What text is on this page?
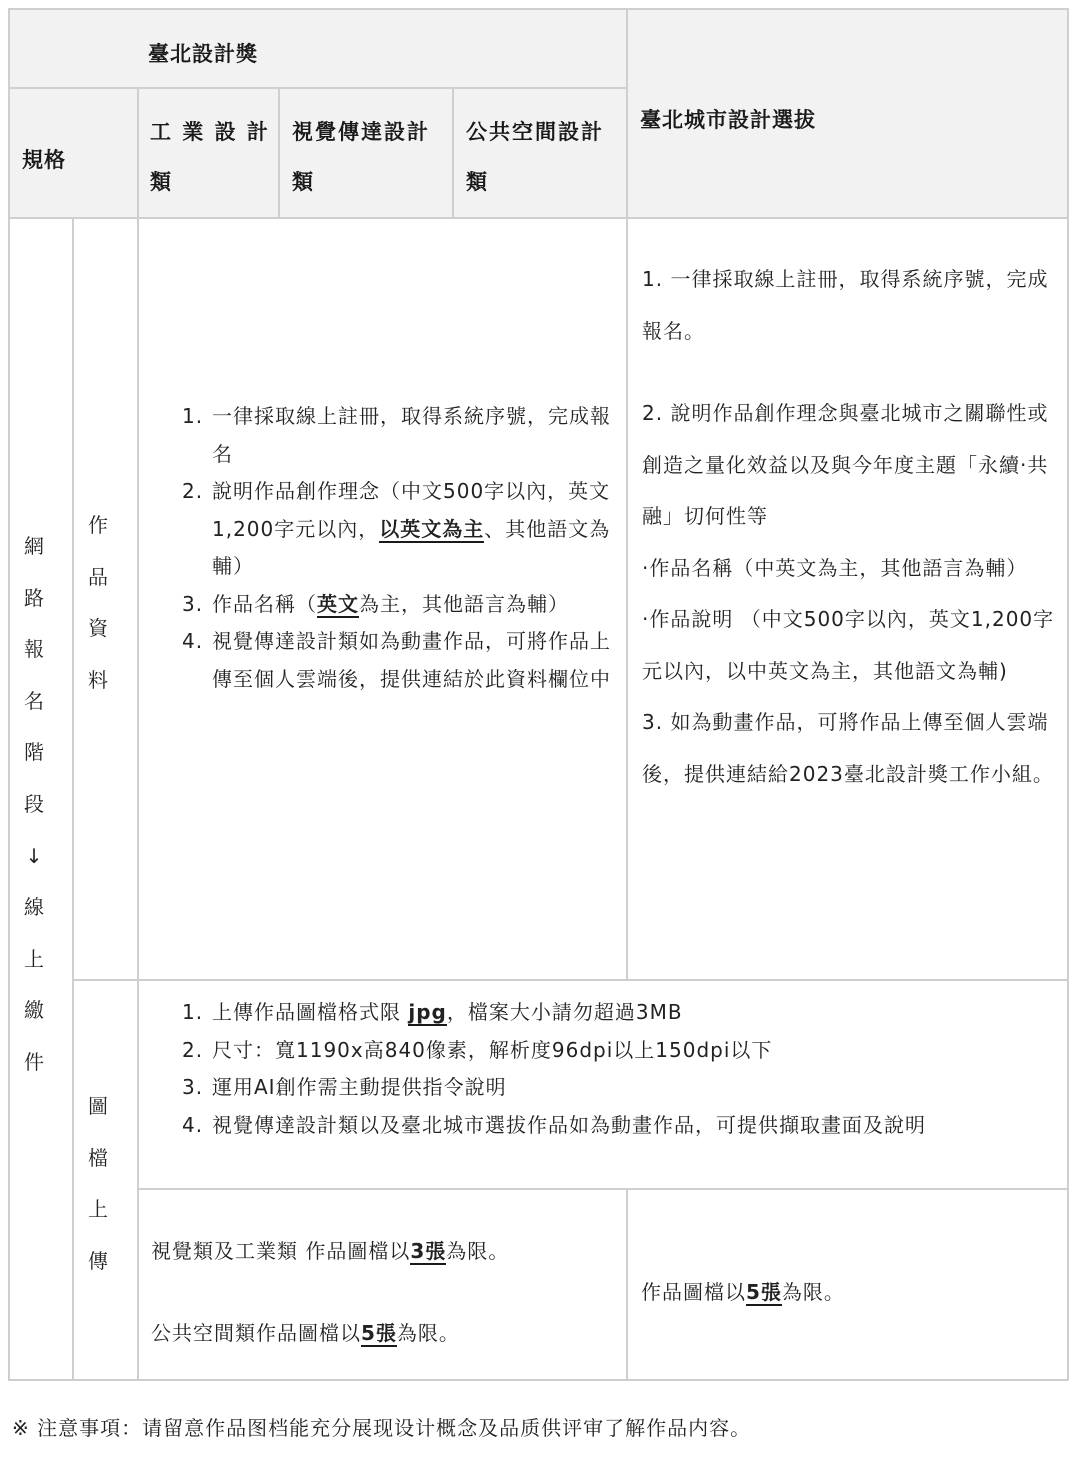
臺北設計獎
規格
工 業 設 計 類
視覺傳達設計類
公共空間設計類
臺北城市設計選拔
網
路
報
名
階
段
↓
線
上
繳
件
作
品
資
料
圖
檔
上
傳
1. 一律採取線上註冊，取得系統序號，完成報名
2. 說明作品創作理念（中文500字以內，英文1,200字元以內，以英文為主、其他語文為輔）
3. 作品名稱（英文為主，其他語言為輔）
4. 視覺傳達設計類如為動畫作品，可將作品上傳至個人雲端後，提供連結於此資料欄位中

1. 一律採取線上註冊，取得系統序號，完成報名。

2. 說明作品創作理念與臺北城市之關聯性或創造之量化效益以及與今年度主題「永續·共融」切何性等

·作品名稱（中英文為主，其他語言為輔）

·作品說明 （中文500字以內，英文1,200字元以內，以中英文為主，其他語文為輔)

3. 如為動畫作品，可將作品上傳至個人雲端後，提供連結給2023臺北設計獎工作小組。

1. 上傳作品圖檔格式限 jpg，檔案大小請勿超過3MB
2. 尺寸：寬1190x高840像素，解析度96dpi以上150dpi以下
3. 運用AI創作需主動提供指令說明
4. 視覺傳達設計類以及臺北城市選拔作品如為動畫作品，可提供擷取畫面及說明
視覺類及工業類 作品圖檔以3張為限。
公共空間類作品圖檔以5張為限。
作品圖檔以5張為限。
※ 注意事項：请留意作品图档能充分展现设计概念及品质供评审了解作品内容。
